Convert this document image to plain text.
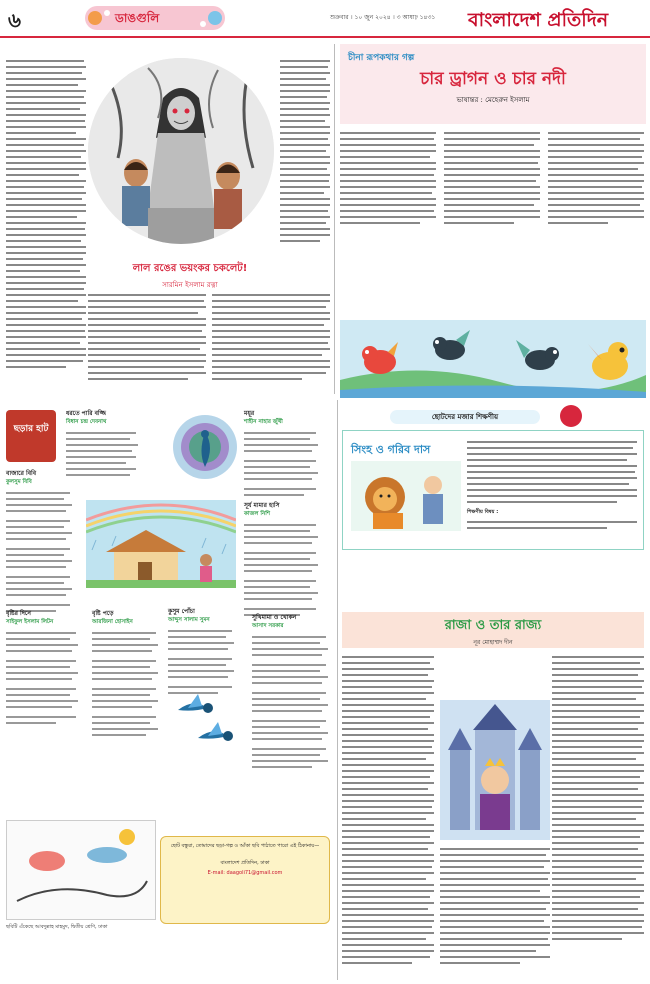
৬	ডাঙগুলি	শুক্রবার । ১০ জুন ২০২৪ । ৩ আষাঢ় ১৪৩১ বাংলাদেশ প্রতিদিন
লাল রঙের ভয়ংকর চকলেট!
সারমিন ইসলাম রত্না
চীনা রূপকথার গল্প
চার ড্রাগন ও চার নদী
ভাষান্তর : মেহেরুন ইসলাম
ছড়ার হাট
ধরতে পারি বজ্জি
বিধান চন্দ্র দেবনাথ
বাজারে বিবি
কুলসুম বিবি
ময়ূর
শাহীন নাহার জুঁথী
সূর্য মামার হাসি
কাজল নিশি
বৃষ্টির দিনে
সাইফুল ইসলাম লিটন
বৃষ্টি পড়ে
আরজিনা হোসাইন
কুসুম পোঁচা
আব্দুস সালাম সুমন	সুখিমামা ও খোকন
আসাদ সরকার
ছবিটি এঁকেছে আবদুল্লাহ মাহমুদ, দ্বিতীয় শ্রেণি, ঢাকা
ছোট বন্ধুরা, তোমাদের ছড়া-গল্প ও আঁকা ছবি পাঠাতে পারো এই ঠিকানায়—
বাংলাদেশ প্রতিদিন, ঢাকা
E-mail: daagoli71@gmail.com
ছোটদের মজার শিক্ষণীয়
সিংহ ও গরিব দাস
শিক্ষণীয় বিষয় :
রাজা ও তার রাজ্য
নূর মোহাম্মদ দীন
